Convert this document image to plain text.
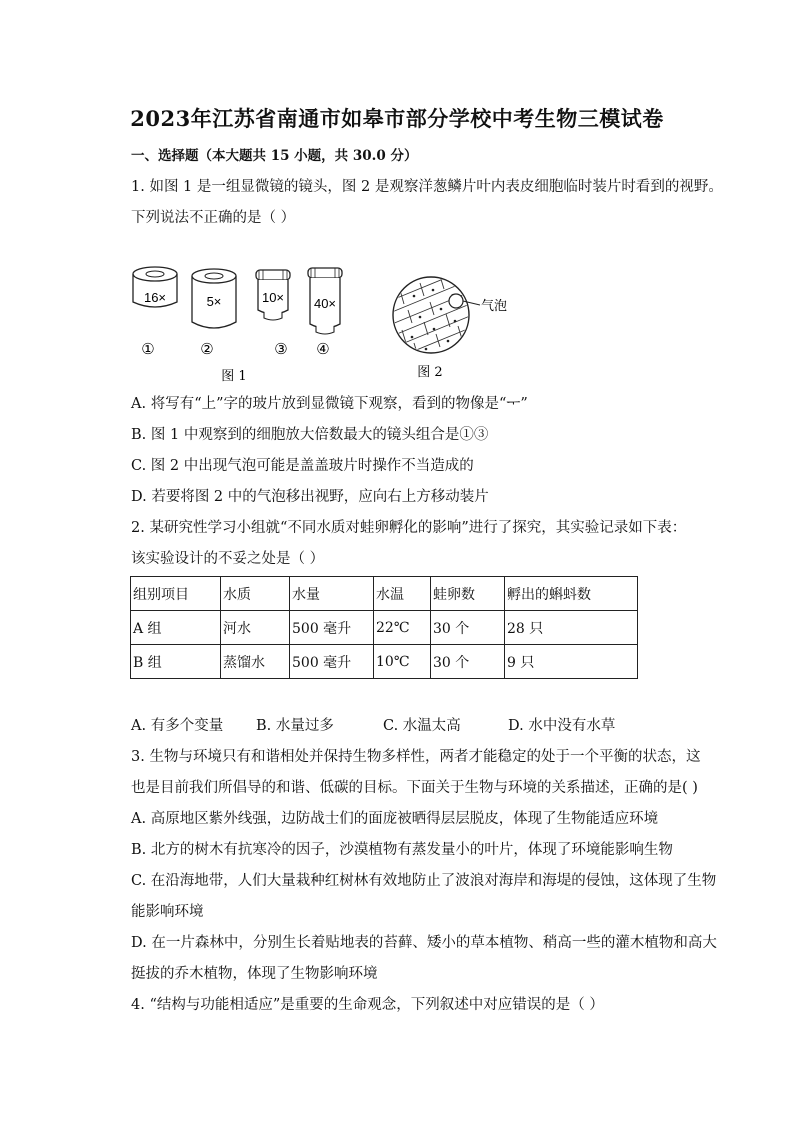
2023年江苏省南通市如皋市部分学校中考生物三模试卷
一、选择题（本大题共 15 小题，共 30.0 分）
1. 如图 1 是一组显微镜的镜头，图 2 是观察洋葱鳞片叶内表皮细胞临时装片时看到的视野。
下列说法不正确的是（ ）
16×	5×	10× 40×
①	②	③ ④
图 1
气泡
图 2
A. 将写有“上”字的玻片放到显微镜下观察，看到的物像是“ᅮ”
B. 图 1 中观察到的细胞放大倍数最大的镜头组合是①③
C. 图 2 中出现气泡可能是盖盖玻片时操作不当造成的
D. 若要将图 2 中的气泡移出视野，应向右上方移动装片
2. 某研究性学习小组就“不同水质对蛙卵孵化的影响”进行了探究，其实验记录如下表：
该实验设计的不妥之处是（ ）
组别项目	水质	水量	水温	蛙卵数	孵出的蝌蚪数
A 组	河水	500 毫升	22℃	30 个	28 只
B 组	蒸馏水	500 毫升	10℃	30 个	9 只
A. 有多个变量 B. 水量过多	C. 水温太高	D. 水中没有水草
3. 生物与环境只有和谐相处并保持生物多样性，两者才能稳定的处于一个平衡的状态，这
也是目前我们所倡导的和谐、低碳的目标。下面关于生物与环境的关系描述，正确的是( )
A. 高原地区紫外线强，边防战士们的面庞被晒得层层脱皮，体现了生物能适应环境
B. 北方的树木有抗寒冷的因子，沙漠植物有蒸发量小的叶片，体现了环境能影响生物
C. 在沿海地带，人们大量栽种红树林有效地防止了波浪对海岸和海堤的侵蚀，这体现了生物
能影响环境
D. 在一片森林中，分别生长着贴地表的苔藓、矮小的草本植物、稍高一些的灌木植物和高大
挺拔的乔木植物，体现了生物影响环境
4. “结构与功能相适应”是重要的生命观念，下列叙述中对应错误的是（ ）
